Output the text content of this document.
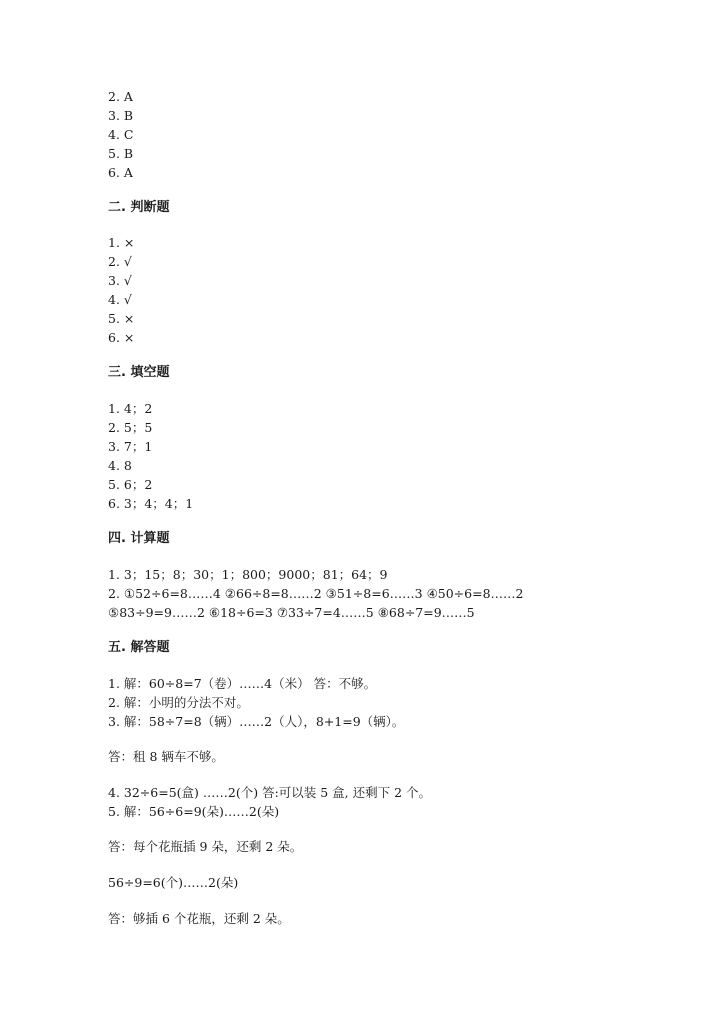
2. A
3. B
4. C
5. B
6. A
二. 判断题
1. ×
2. √
3. √
4. √
5. ×
6. ×
三. 填空题
1. 4；2
2. 5；5
3. 7；1
4. 8
5. 6；2
6. 3；4；4；1
四. 计算题
1. 3；15；8；30；1；800；9000；81；64；9
2. ①52÷6=8……4 ②66÷8=8……2 ③51÷8=6……3 ④50÷6=8……2
⑤83÷9=9……2 ⑥18÷6=3 ⑦33÷7=4……5 ⑧68÷7=9……5
五. 解答题
1. 解：60÷8=7（卷）……4（米） 答：不够。
2. 解：小明的分法不对。
3. 解：58÷7=8（辆）……2（人），8+1=9（辆）。
答：租 8 辆车不够。
4. 32÷6=5(盒) ……2(个) 答:可以装 5 盒, 还剩下 2 个。
5. 解：56÷6=9(朵)……2(朵)
答：每个花瓶插 9 朵，还剩 2 朵。
56÷9=6(个)……2(朵)
答：够插 6 个花瓶，还剩 2 朵。
